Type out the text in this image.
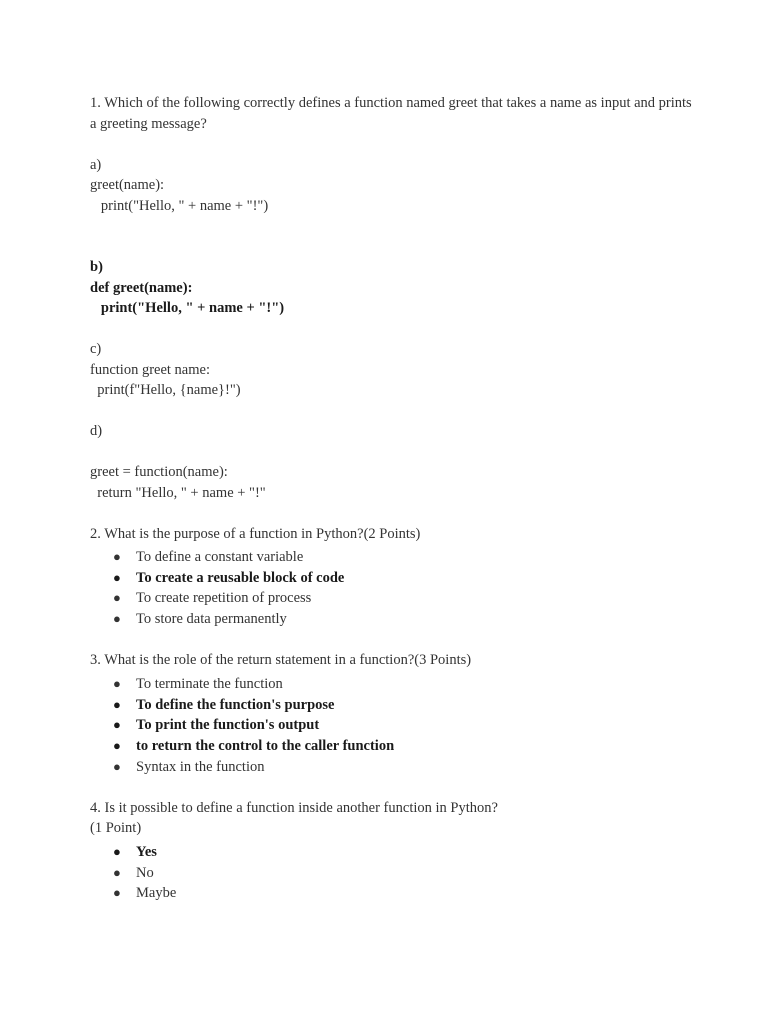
1. Which of the following correctly defines a function named greet that takes a name as input and prints a greeting message?
a)
greet(name):
print("Hello, " + name + "!")
b)
def greet(name):
print("Hello, " + name + "!")
c)
function greet name:
print(f"Hello, {name}!")
d)
greet = function(name):
return "Hello, " + name + "!"
2. What is the purpose of a function in Python?(2 Points)
● To define a constant variable
● To create a reusable block of code
● To create repetition of process
● To store data permanently
3. What is the role of the return statement in a function?(3 Points)
● To terminate the function
● To define the function's purpose
● To print the function's output
● to return the control to the caller function
● Syntax in the function
4. Is it possible to define a function inside another function in Python?
(1 Point)
● Yes
● No
● Maybe
